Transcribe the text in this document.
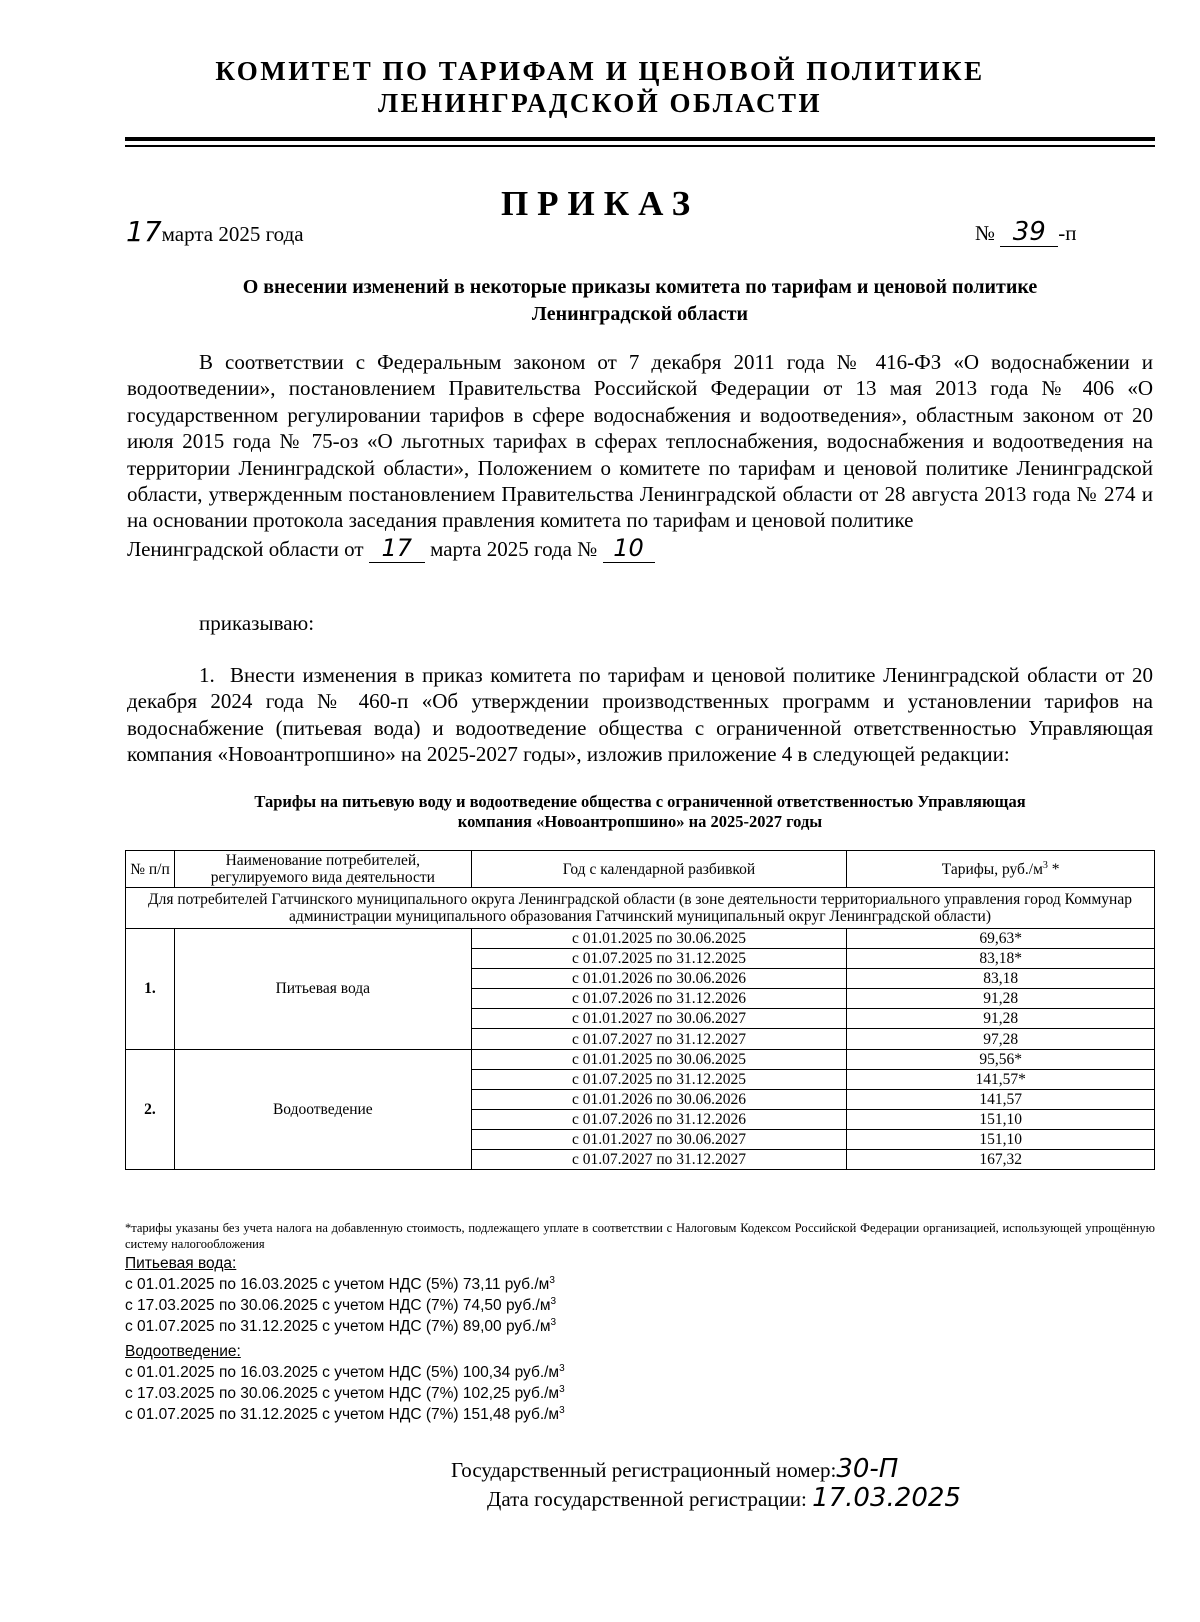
КОМИТЕТ ПО ТАРИФАМ И ЦЕНОВОЙ ПОЛИТИКЕ
ЛЕНИНГРАДСКОЙ ОБЛАСТИ
ПРИКАЗ
17марта 2025 года	№ 39 -п
О внесении изменений в некоторые приказы комитета по тарифам и ценовой политике
Ленинградской области

В соответствии с Федеральным законом от 7 декабря 2011 года № 416-ФЗ «О водоснабжении и водоотведении», постановлением Правительства Российской Федерации от 13 мая 2013 года № 406 «О государственном регулировании тарифов в сфере водоснабжения и водоотведения», областным законом от 20 июля 2015 года № 75-оз «О льготных тарифах в сферах теплоснабжения, водоснабжения и водоотведения на территории Ленинградской области», Положением о комитете по тарифам и ценовой политике Ленинградской области, утвержденным постановлением Правительства Ленинградской области от 28 августа 2013 года № 274 и на основании протокола заседания правления комитета по тарифам и ценовой политике

Ленинградской области от 17 марта 2025 года № 10
приказываю:
1. Внести изменения в приказ комитета по тарифам и ценовой политике Ленинградской области от 20 декабря 2024 года № 460-п «Об утверждении производственных программ и установлении тарифов на водоснабжение (питьевая вода) и водоотведение общества с ограниченной ответственностью Управляющая компания «Новоантропшино» на 2025-2027 годы», изложив приложение 4 в следующей редакции:
Тарифы на питьевую воду и водоотведение общества с ограниченной ответственностью Управляющая
компания «Новоантропшино» на 2025-2027 годы
№ п/п	Наименование потребителей, регулируемого вида деятельности	Год с календарной разбивкой	Тарифы, $руб./м^3$ *
Для потребителей Гатчинского муниципального округа Ленинградской области (в зоне деятельности территориального управления город Коммунар администрации муниципального образования Гатчинский муниципальный округ Ленинградской области)			
1.	Питьевая вода	с 01.01.2025 по 30.06.2025	69,63*
		с 01.07.2025 по 31.12.2025	83,18*
		с 01.01.2026 по 30.06.2026	83,18
		с 01.07.2026 по 31.12.2026	91,28
		с 01.01.2027 по 30.06.2027	91,28
		с 01.07.2027 по 31.12.2027	97,28
2.	Водоотведение	с 01.01.2025 по 30.06.2025	95,56*
		с 01.07.2025 по 31.12.2025	141,57*
		с 01.01.2026 по 30.06.2026	141,57
		с 01.07.2026 по 31.12.2026	151,10
		с 01.01.2027 по 30.06.2027	151,10
		с 01.07.2027 по 31.12.2027	167,32

*тарифы указаны без учета налога на добавленную стоимость, подлежащего уплате в соответствии с Налоговым Кодексом Российской Федерации организацией, использующей упрощённую систему налогообложения

Питьевая вода:
с 01.01.2025 по 16.03.2025 с учетом НДС (5%) 73,11 $руб./м^3$
с 17.03.2025 по 30.06.2025 с учетом НДС (7%) 74,50 $руб./м^3$
с 01.07.2025 по 31.12.2025 с учетом НДС (7%) 89,00 $руб./м^3$
Водоотведение:
с 01.01.2025 по 16.03.2025 с учетом НДС (5%) 100,34 $руб./м^3$
с 17.03.2025 по 30.06.2025 с учетом НДС (7%) 102,25 $руб./м^3$
с 01.07.2025 по 31.12.2025 с учетом НДС (7%) 151,48 $руб./м^3$
Государственный регистрационный номер:30-П
Дата государственной регистрации: 17.03.2025
